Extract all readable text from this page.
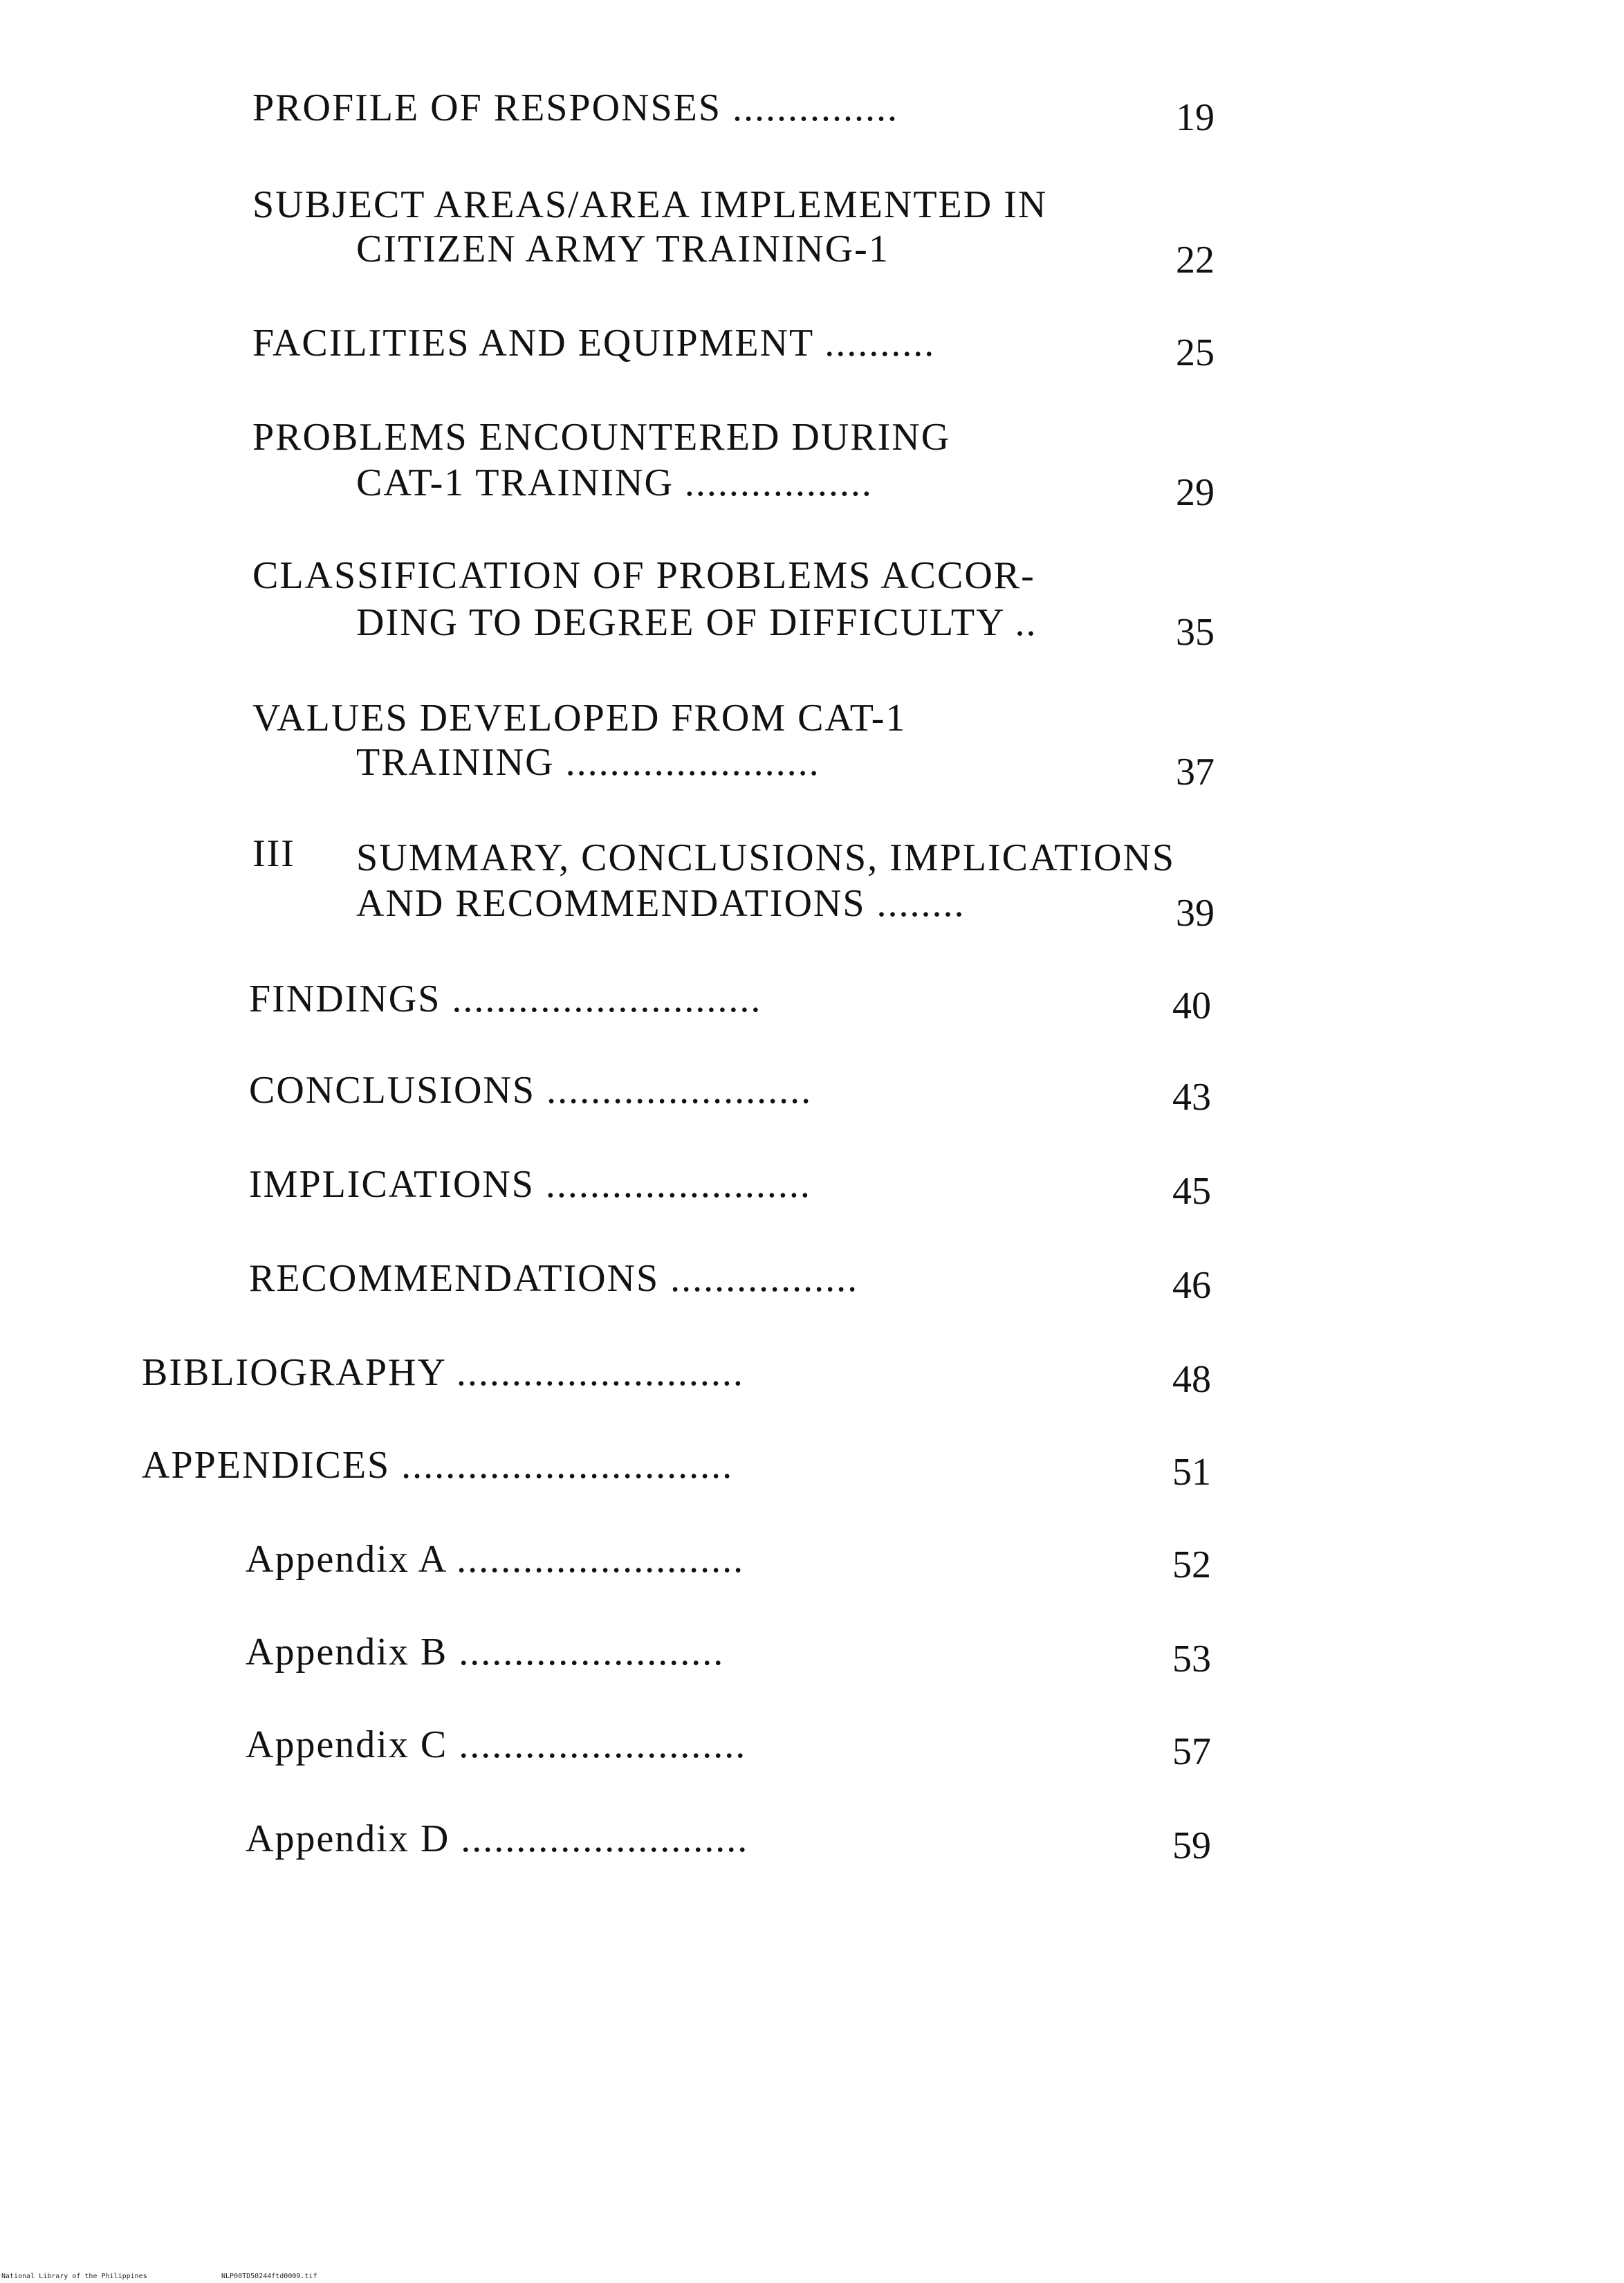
PROFILE OF RESPONSES ...............	19
SUBJECT AREAS/AREA IMPLEMENTED IN
CITIZEN ARMY TRAINING-1	22
FACILITIES AND EQUIPMENT ..........	25
PROBLEMS ENCOUNTERED DURING
CAT-1 TRAINING .................	29
CLASSIFICATION OF PROBLEMS ACCOR-
DING TO DEGREE OF DIFFICULTY ..	35
VALUES DEVELOPED FROM CAT-1
TRAINING .......................	37
III SUMMARY, CONCLUSIONS, IMPLICATIONS
AND RECOMMENDATIONS ........	39
FINDINGS ............................	40
CONCLUSIONS ........................	43
IMPLICATIONS ........................	45
RECOMMENDATIONS .................	46
BIBLIOGRAPHY ..........................	48
APPENDICES ..............................	51
Appendix A ..........................	52
Appendix B ........................	53
Appendix C ..........................	57
Appendix D ..........................	59
National Library of the Philippines	NLP00TD50244ftd0009.tif
